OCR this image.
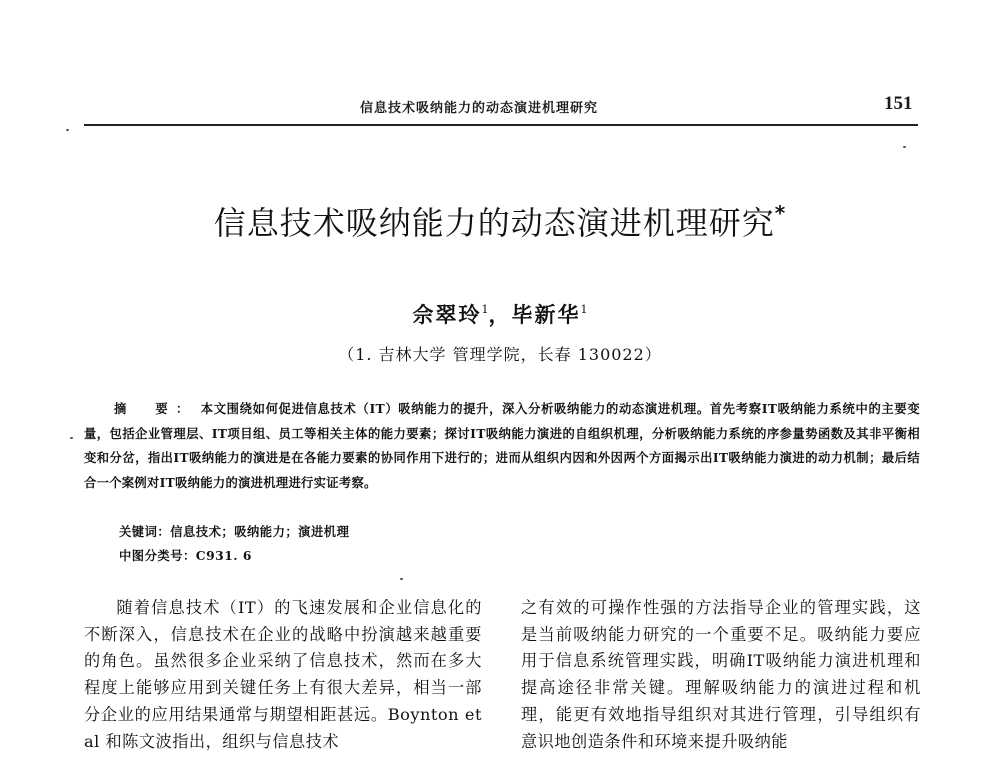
信息技术吸纳能力的动态演进机理研究	151
信息技术吸纳能力的动态演进机理研究*
佘翠玲$^1$，毕新华$^1$
（1. 吉林大学 管理学院，长春 130022）
摘　要： 本文围绕如何促进信息技术（IT）吸纳能力的提升，深入分析吸纳能力的动态演进机理。首先考察IT吸纳能力系统中的主要变量，包括企业管理层、IT项目组、员工等相关主体的能力要素；探讨IT吸纳能力演进的自组织机理，分析吸纳能力系统的序参量势函数及其非平衡相变和分岔，指出IT吸纳能力的演进是在各能力要素的协同作用下进行的；进而从组织内因和外因两个方面揭示出IT吸纳能力演进的动力机制；最后结合一个案例对IT吸纳能力的演进机理进行实证考察。
关键词：信息技术；吸纳能力；演进机理
中图分类号：C931. 6

随着信息技术（IT）的飞速发展和企业信息化的不断深入，信息技术在企业的战略中扮演越来越重要的角色。虽然很多企业采纳了信息技术，然而在多大程度上能够应用到关键任务上有很大差异，相当一部分企业的应用结果通常与期望相距甚远。Boynton et al 和陈文波指出，组织与信息技术

之有效的可操作性强的方法指导企业的管理实践，这是当前吸纳能力研究的一个重要不足。吸纳能力要应用于信息系统管理实践，明确IT吸纳能力演进机理和提高途径非常关键。理解吸纳能力的演进过程和机理，能更有效地指导组织对其进行管理，引导组织有意识地创造条件和环境来提升吸纳能
